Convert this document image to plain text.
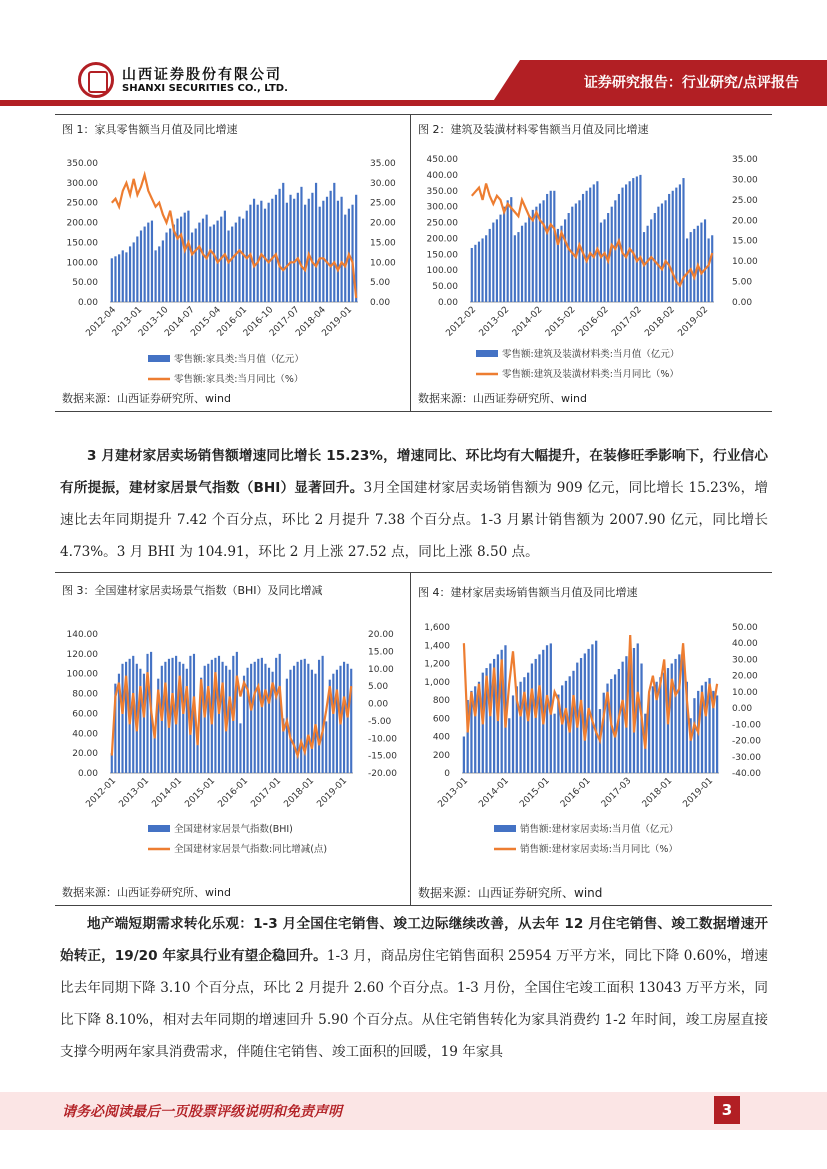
山西证券股份有限公司
SHANXI SECURITIES CO., LTD.	证券研究报告：行业研究/点评报告
图 1：家具零售额当月值及同比增速	图 2：建筑及装潢材料零售额当月值及同比增速
350.00
300.00
250.00
200.00
150.00
100.00
50.00
0.00
35.00
30.00
25.00
20.00
15.00
10.00
5.00
0.00
2012-04
2013-01
2013-10
2014-07
2015-04
2016-01
2016-10
2017-07
2018-04
2019-01
零售额:家具类:当月值（亿元）
零售额:家具类:当月同比（%）
450.00
400.00
350.00
300.00
250.00
200.00
150.00
100.00
50.00
0.00
35.00
30.00
25.00
20.00
15.00
10.00
5.00
0.00
2012-02 2013-02 2014-02 2015-02 2016-02 2017-02 2018-02 2019-02
零售额:建筑及装潢材料类:当月值（亿元）
零售额:建筑及装潢材料类:当月同比（%）
数据来源：山西证券研究所、wind	数据来源：山西证券研究所、wind
3 月建材家居卖场销售额增速同比增长 15.23%，增速同比、环比均有大幅提升，在装修旺季影响下，行业信心有所提振，建材家居景气指数（BHI）显著回升。3月全国建材家居卖场销售额为 909 亿元，同比增长 15.23%，增速比去年同期提升 7.42 个百分点，环比 2 月提升 7.38 个百分点。1-3 月累计销售额为 2007.90 亿元，同比增长 4.73%。3 月 BHI 为 104.91，环比 2 月上涨 27.52 点，同比上涨 8.50 点。
图 3：全国建材家居卖场景气指数（BHI）及同比增减	图 4：建材家居卖场销售额当月值及同比增速
140.00
120.00
100.00
80.00
60.00
40.00
20.00
0.00
20.00
15.00
10.00
5.00
0.00
-5.00
-10.00
-15.00
-20.00
2012-01 2013-01 2014-01 2015-01 2016-01 2017-01 2018-01 2019-01
全国建材家居景气指数(BHI)
全国建材家居景气指数:同比增减(点)
1,600
1,400
1,200
1,000
800
600
400
200
0
50.00
40.00
30.00
20.00
10.00
0.00
-10.00
-20.00
-30.00
-40.00
2013-01 2014-01 2015-01 2016-01 2017-03 2018-01 2019-01
销售额:建材家居卖场:当月值（亿元）
销售额:建材家居卖场:当月同比（%）
数据来源：山西证券研究所、wind	数据来源：山西证券研究所、wind
地产端短期需求转化乐观：1-3 月全国住宅销售、竣工边际继续改善，从去年 12 月住宅销售、竣工数据增速开始转正，19/20 年家具行业有望企稳回升。1-3 月，商品房住宅销售面积 25954 万平方米，同比下降 0.60%，增速比去年同期下降 3.10 个百分点，环比 2 月提升 2.60 个百分点。1-3 月份，全国住宅竣工面积 13043 万平方米，同比下降 8.10%，相对去年同期的增速回升 5.90 个百分点。从住宅销售转化为家具消费约 1-2 年时间，竣工房屋直接支撑今明两年家具消费需求，伴随住宅销售、竣工面积的回暖，19 年家具
请务必阅读最后一页股票评级说明和免责声明	3
